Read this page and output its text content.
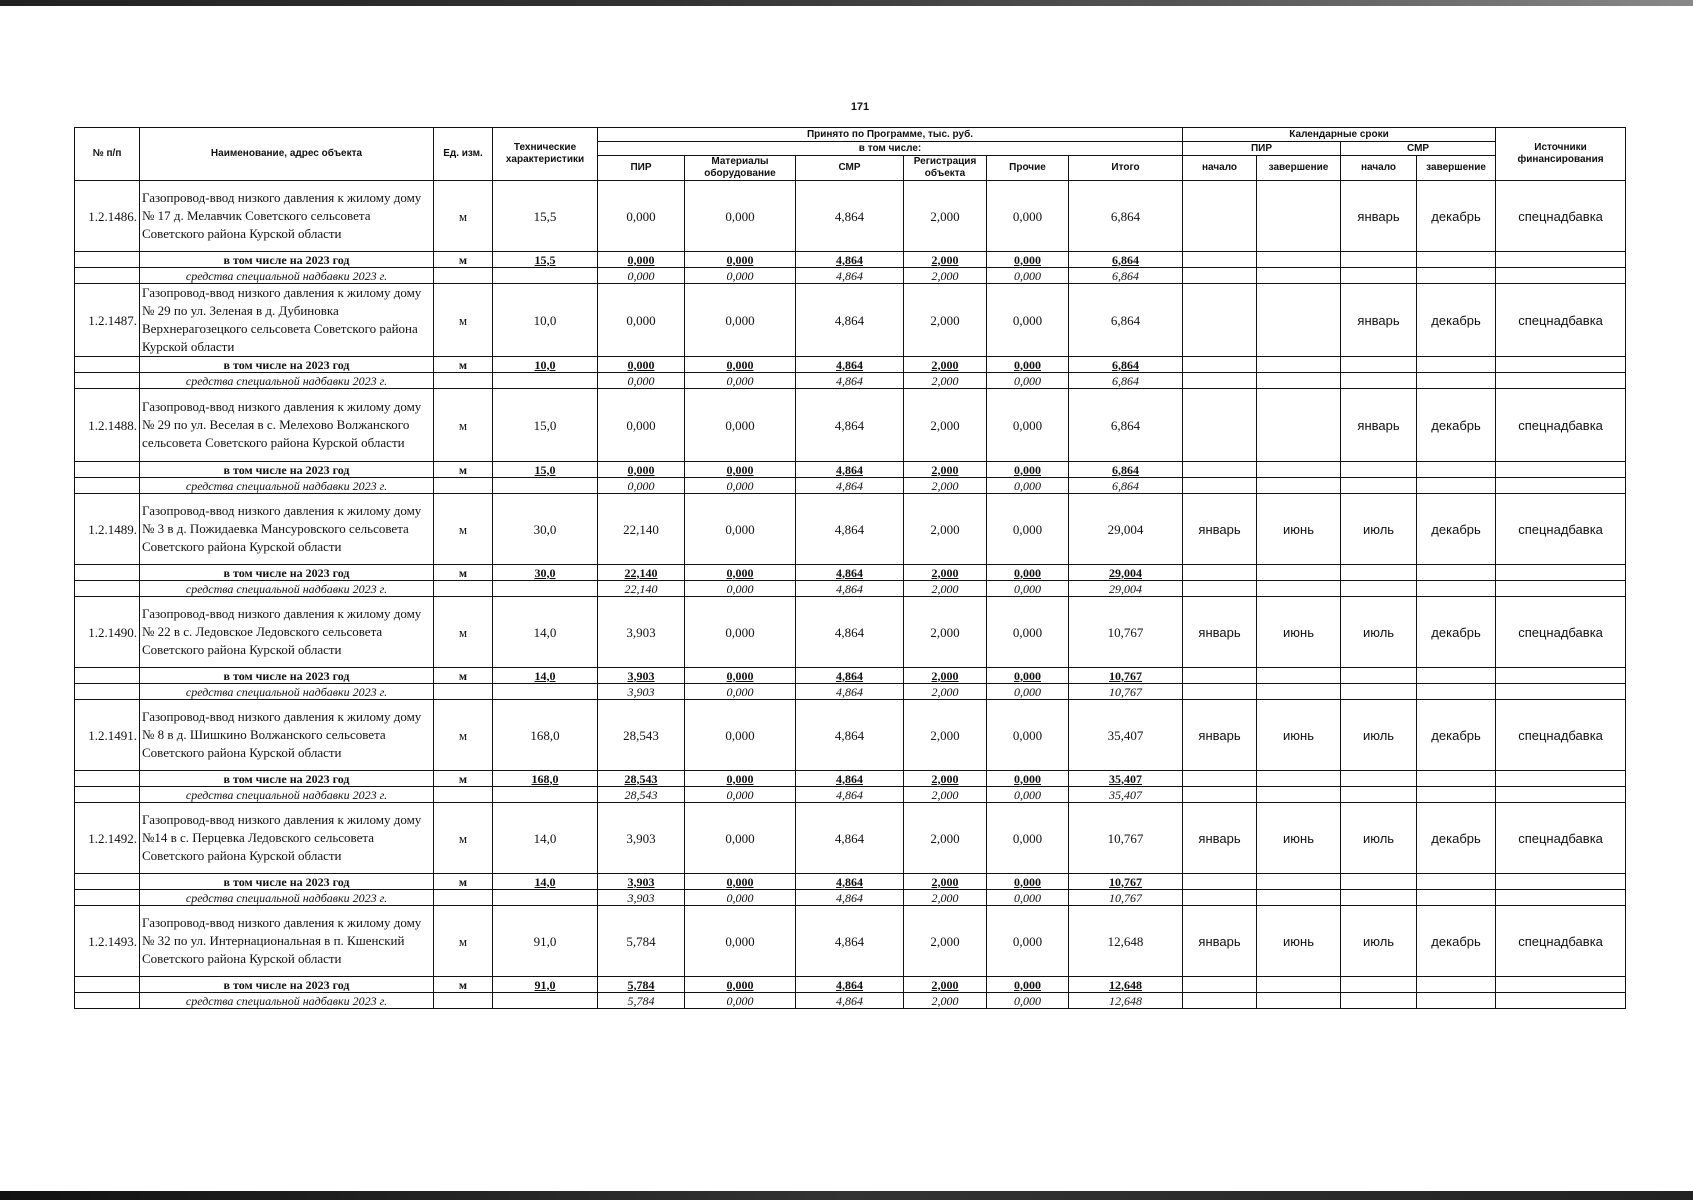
171
№ п/п	Наименование, адрес объекта	Ед. изм.	Технические характеристики	Принято по Программе, тыс. руб.						Календарные сроки				Источники финансирования
				в том числе:						ПИР		СМР		
				ПИР	Материалы оборудование	СМР	Регистрация объекта	Прочие	Итого	начало	завершение	начало	завершение	
1.2.1486.	Газопровод-ввод низкого давления к жилому дому № 17 д. Мелавчик Советского сельсовета Советского района Курской области	м	15,5	0,000	0,000	4,864	2,000	0,000	6,864			январь	декабрь	спецнадбавка
	в том числе на 2023 год	м	15,5	0,000	0,000	4,864	2,000	0,000	6,864					
	средства специальной надбавки 2023 г.			0,000	0,000	4,864	2,000	0,000	6,864					
1.2.1487.	Газопровод-ввод низкого давления к жилому дому № 29 по ул. Зеленая в д. Дубиновка Верхнерагозецкого сельсовета Советского района Курской области	м	10,0	0,000	0,000	4,864	2,000	0,000	6,864			январь	декабрь	спецнадбавка
	в том числе на 2023 год	м	10,0	0,000	0,000	4,864	2,000	0,000	6,864					
	средства специальной надбавки 2023 г.			0,000	0,000	4,864	2,000	0,000	6,864					
1.2.1488.	Газопровод-ввод низкого давления к жилому дому № 29 по ул. Веселая в с. Мелехово Волжанского сельсовета Советского района Курской области	м	15,0	0,000	0,000	4,864	2,000	0,000	6,864			январь	декабрь	спецнадбавка
	в том числе на 2023 год	м	15,0	0,000	0,000	4,864	2,000	0,000	6,864					
	средства специальной надбавки 2023 г.			0,000	0,000	4,864	2,000	0,000	6,864					
1.2.1489.	Газопровод-ввод низкого давления к жилому дому № 3 в д. Пожидаевка Мансуровского сельсовета Советского района Курской области	м	30,0	22,140	0,000	4,864	2,000	0,000	29,004	январь	июнь	июль	декабрь	спецнадбавка
	в том числе на 2023 год	м	30,0	22,140	0,000	4,864	2,000	0,000	29,004					
	средства специальной надбавки 2023 г.			22,140	0,000	4,864	2,000	0,000	29,004					
1.2.1490.	Газопровод-ввод низкого давления к жилому дому № 22 в с. Ледовское Ледовского сельсовета Советского района Курской области	м	14,0	3,903	0,000	4,864	2,000	0,000	10,767	январь	июнь	июль	декабрь	спецнадбавка
	в том числе на 2023 год	м	14,0	3,903	0,000	4,864	2,000	0,000	10,767					
	средства специальной надбавки 2023 г.			3,903	0,000	4,864	2,000	0,000	10,767					
1.2.1491.	Газопровод-ввод низкого давления к жилому дому № 8 в д. Шишкино Волжанского сельсовета Советского района Курской области	м	168,0	28,543	0,000	4,864	2,000	0,000	35,407	январь	июнь	июль	декабрь	спецнадбавка
	в том числе на 2023 год	м	168,0	28,543	0,000	4,864	2,000	0,000	35,407					
	средства специальной надбавки 2023 г.			28,543	0,000	4,864	2,000	0,000	35,407					
1.2.1492.	Газопровод-ввод низкого давления к жилому дому №14 в с. Перцевка Ледовского сельсовета Советского района Курской области	м	14,0	3,903	0,000	4,864	2,000	0,000	10,767	январь	июнь	июль	декабрь	спецнадбавка
	в том числе на 2023 год	м	14,0	3,903	0,000	4,864	2,000	0,000	10,767					
	средства специальной надбавки 2023 г.			3,903	0,000	4,864	2,000	0,000	10,767					
1.2.1493.	Газопровод-ввод низкого давления к жилому дому № 32 по ул. Интернациональная в п. Кшенский Советского района Курской области	м	91,0	5,784	0,000	4,864	2,000	0,000	12,648	январь	июнь	июль	декабрь	спецнадбавка
	в том числе на 2023 год	м	91,0	5,784	0,000	4,864	2,000	0,000	12,648					
	средства специальной надбавки 2023 г.			5,784	0,000	4,864	2,000	0,000	12,648					
